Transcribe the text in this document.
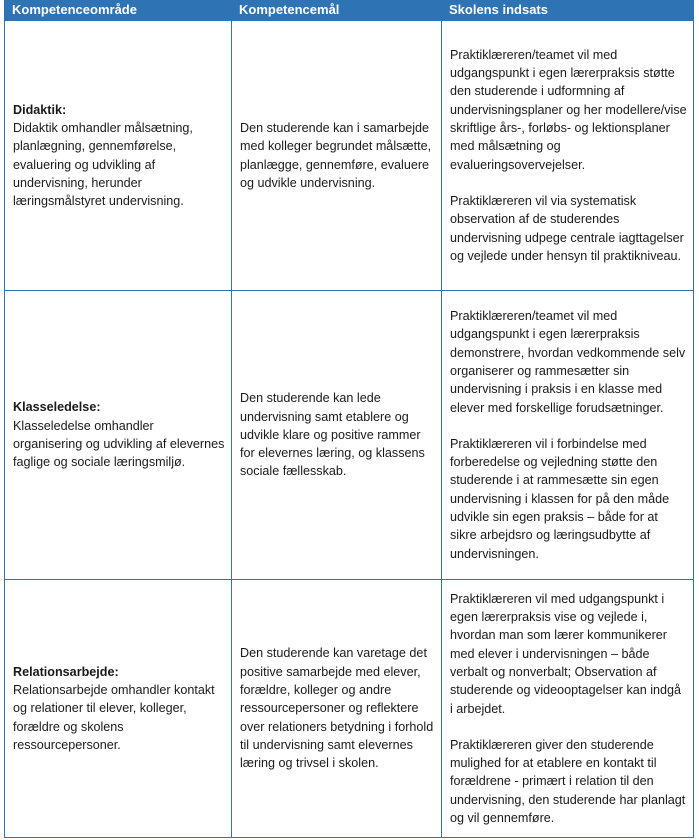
Kompetenceområde	Kompetencemål	Skolens indsats

Didaktik:
Didaktik omhandler målsætning, planlægning, gennemførelse, evaluering og udvikling af undervisning, herunder læringsmålstyret undervisning.

Den studerende kan i samarbejde med kolleger begrundet målsætte, planlægge, gennemføre, evaluere og udvikle undervisning.

Praktiklæreren/teamet vil med udgangspunkt i egen lærerpraksis støtte den studerende i udformning af undervisningsplaner og her modellere/vise skriftlige års-, forløbs- og lektionsplaner med målsætning og evalueringsovervejelser.
Praktiklæreren vil via systematisk observation af de studerendes undervisning udpege centrale iagttagelser og vejlede under hensyn til praktikniveau.

Klasseledelse:
Klasseledelse omhandler organisering og udvikling af elevernes faglige og sociale læringsmiljø.

Den studerende kan lede undervisning samt etablere og udvikle klare og positive rammer for elevernes læring, og klassens sociale fællesskab.

Praktiklæreren/teamet vil med udgangspunkt i egen lærerpraksis demonstrere, hvordan vedkommende selv organiserer og rammesætter sin undervisning i praksis i en klasse med elever med forskellige forudsætninger.
Praktiklæreren vil i forbindelse med forberedelse og vejledning støtte den studerende i at rammesætte sin egen undervisning i klassen for på den måde udvikle sin egen praksis – både for at sikre arbejdsro og læringsudbytte af undervisningen.

Relationsarbejde:
Relationsarbejde omhandler kontakt og relationer til elever, kolleger, forældre og skolens ressourcepersoner.

Den studerende kan varetage det positive samarbejde med elever, forældre, kolleger og andre ressourcepersoner og reflektere over relationers betydning i forhold til undervisning samt elevernes læring og trivsel i skolen.

Praktiklæreren vil med udgangspunkt i egen lærerpraksis vise og vejlede i, hvordan man som lærer kommunikerer med elever i undervisningen – både verbalt og nonverbalt; Observation af studerende og videooptagelser kan indgå i arbejdet.
Praktiklæreren giver den studerende mulighed for at etablere en kontakt til forældrene - primært i relation til den undervisning, den studerende har planlagt og vil gennemføre.
